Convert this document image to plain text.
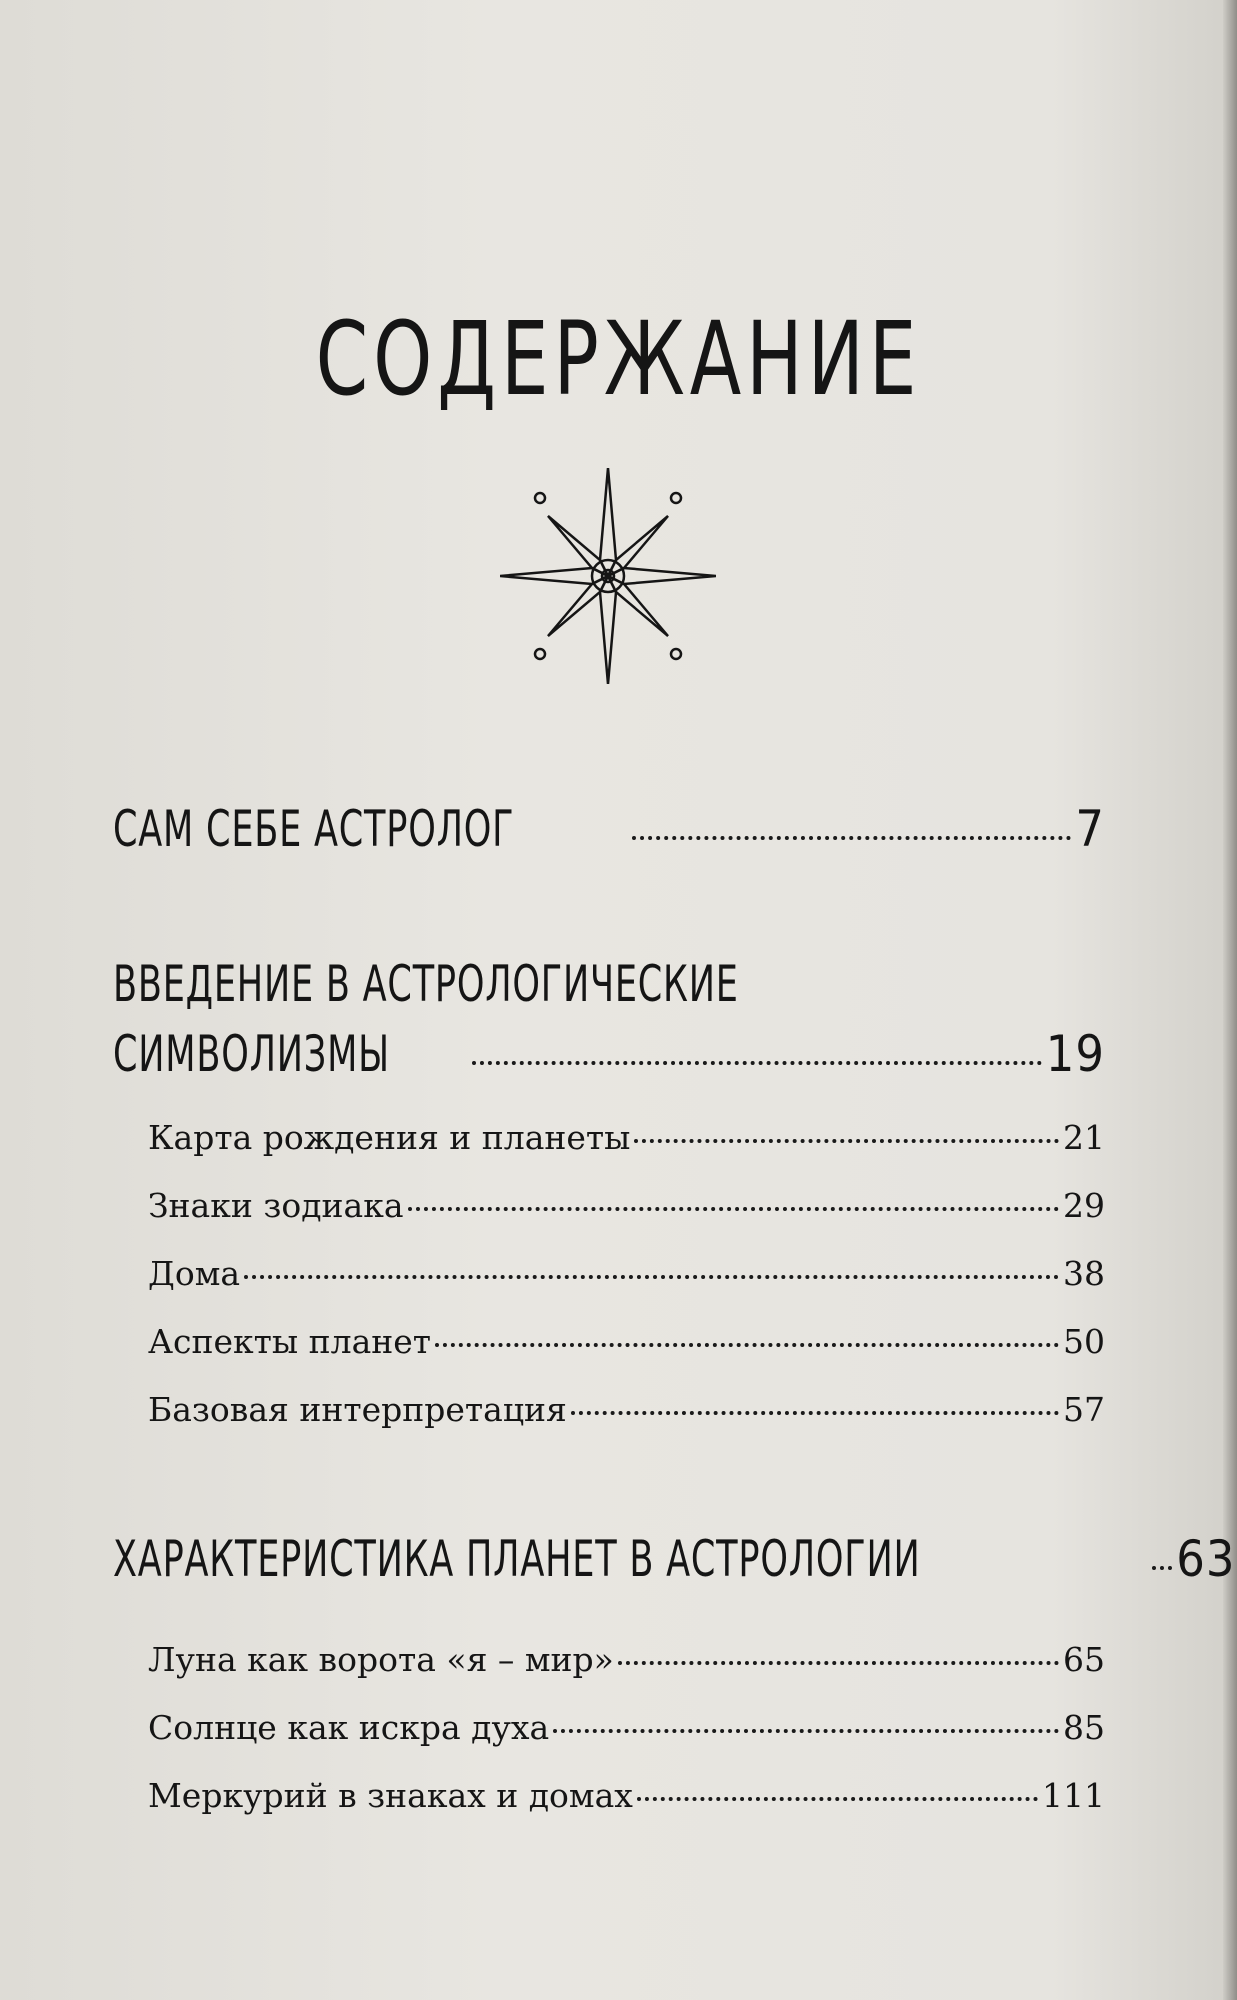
СОДЕРЖАНИЕ
САМ СЕБЕ АСТРОЛОГ	7
ВВЕДЕНИЕ В АСТРОЛОГИЧЕСКИЕ
СИМВОЛИЗМЫ	19
Карта рождения и планеты	21
Знаки зодиака	29
Дома	38
Аспекты планет	50
Базовая интерпретация	57
ХАРАКТЕРИСТИКА ПЛАНЕТ В АСТРОЛОГИИ	63
Луна как ворота «я – мир»	65
Солнце как искра духа	85
Меркурий в знаках и домах	111
